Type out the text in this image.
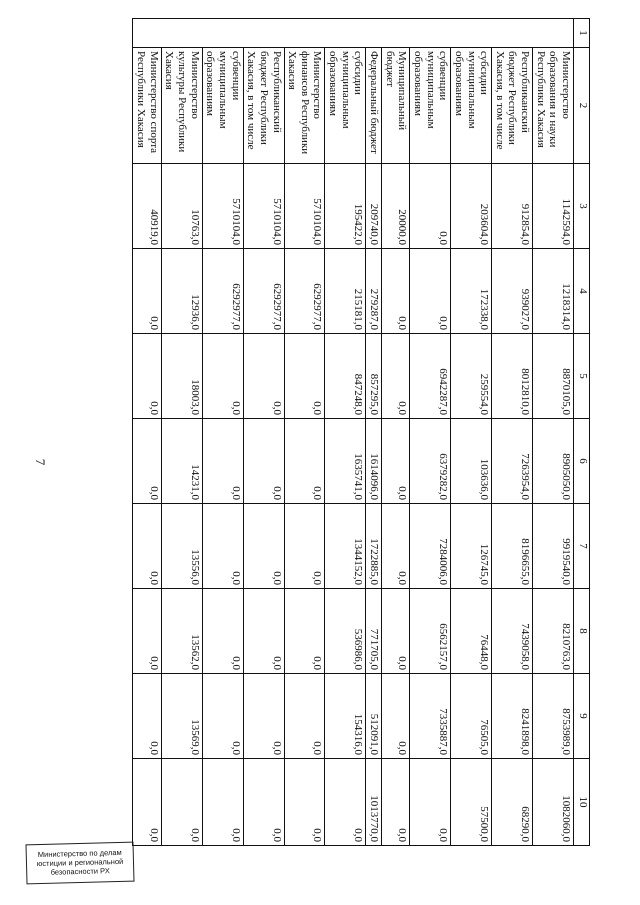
7
1	2	3	4	5	6	7	8	9	10
	Министерство образования и науки Республики Хакасия	1142594,0	1218314,0	8870105,0	8905050,0	9919540,0	8210763,0	8753989,0	1082060,0
	Республиканский бюджет Республики Хакасия, в том числе	912854,0	939027,0	8012810,0	7263954,0	8196655,0	7439058,0	8241898,0	68290,0
	субсидии муниципальным образованиям	203604,0	172338,0	259554,0	103636,0	126745,0	76448,0	76505,0	57500,0
	субвенции муниципальным образованиям	0,0	0,0	6942287,0	6379282,0	7284006,0	6562157,0	7335887,0	0,0
	Муниципальный бюджет	20000,0	0,0	0,0	0,0	0,0	0,0	0,0	0,0
	Федеральный бюджет	209740,0	279287,0	857295,0	1614096,0	1722885,0	771705,0	512091,0	1013770,0
	субсидии муниципальным образованиям	195422,0	215181,0	847248,0	1635741,0	1344152,0	536986,0	154316,0	0,0
	Министерство финансов Республики Хакасия	5710104,0	6292977,0	0,0	0,0	0,0	0,0	0,0	0,0
	Республиканский бюджет Республики Хакасия, в том числе	5710104,0	6292977,0	0,0	0,0	0,0	0,0	0,0	0,0
	субвенции муниципальным образованиям	5710104,0	6292977,0	0,0	0,0	0,0	0,0	0,0	0,0
	Министерство культуры Республики Хакасия	10763,0	12936,0	18003,0	14231,0	13556,0	13562,0	13569,0	0,0
	Министерство спорта Республики Хакасия	40919,0	0,0	0,0	0,0	0,0	0,0	0,0	0,0
Министерство по делам
юстиции и региональной
безопасности РХ
